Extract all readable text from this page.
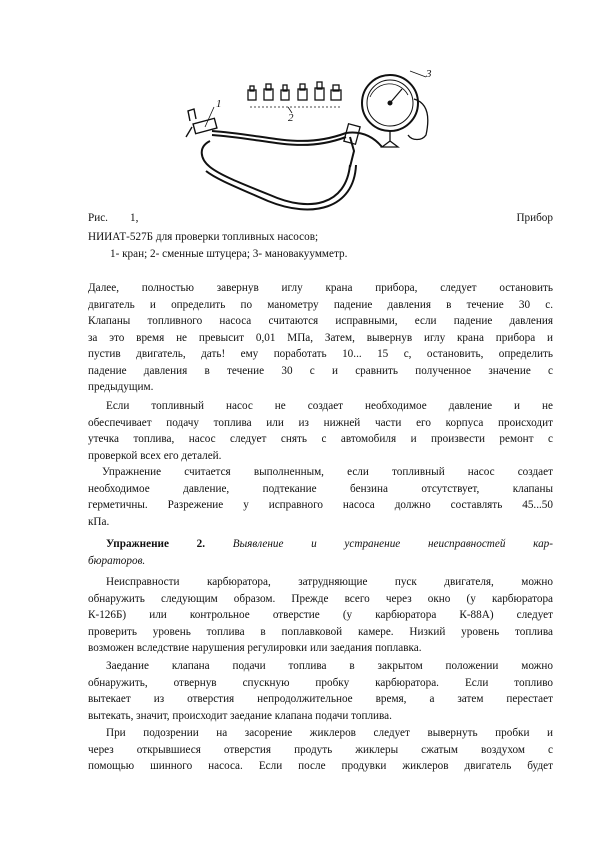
1
2
3
Рис. 1,	Прибор
НИИАТ-527Б для проверки топливных насосов;
1- кран; 2- сменные штуцера; 3- мановакуумметр.

Далее, полностью завернув иглу крана прибора, следует остановить

двигатель и определить по манометру падение давления в течение 30 с.

Клапаны топливного насоса считаются исправными, если падение давления

за это время не превысит 0,01 МПа, Затем, вывернув иглу крана прибора и

пустив двигатель, дать! ему поработать 10... 15 с, остановить, определить

падение давления в течение 30 с и сравнить полученное значение с

предыдущим.

Если топливный насос не создает необходимое давление и не

обеспечивает подачу топлива или из нижней части его корпуса происходит

утечка топлива, насос следует снять с автомобиля и произвести ремонт с

проверкой всех его деталей.

Упражнение считается выполненным, если топливный насос создает

необходимое давление, подтекание бензина отсутствует, клапаны

герметичны. Разрежение у исправного насоса должно составлять 45...50

кПа.

Упражнение 2. Выявление и устранение неисправностей кар-

бюраторов.

Неисправности карбюратора, затрудняющие пуск двигателя, можно

обнаружить следующим образом. Прежде всего через окно (у карбюратора

К-126Б) или контрольное отверстие (у карбюратора К-88А) следует

проверить уровень топлива в поплавковой камере. Низкий уровень топлива

возможен вследствие нарушения регулировки или заедания поплавка.

Заедание клапана подачи топлива в закрытом положении можно

обнаружить, отвернув спускную пробку карбюратора. Если топливо

вытекает из отверстия непродолжительное время, а затем перестает

вытекать, значит, происходит заедание клапана подачи топлива.

При подозрении на засорение жиклеров следует вывернуть пробки и

через открывшиеся отверстия продуть жиклеры сжатым воздухом с

помощью шинного насоса. Если после продувки жиклеров двигатель будет
